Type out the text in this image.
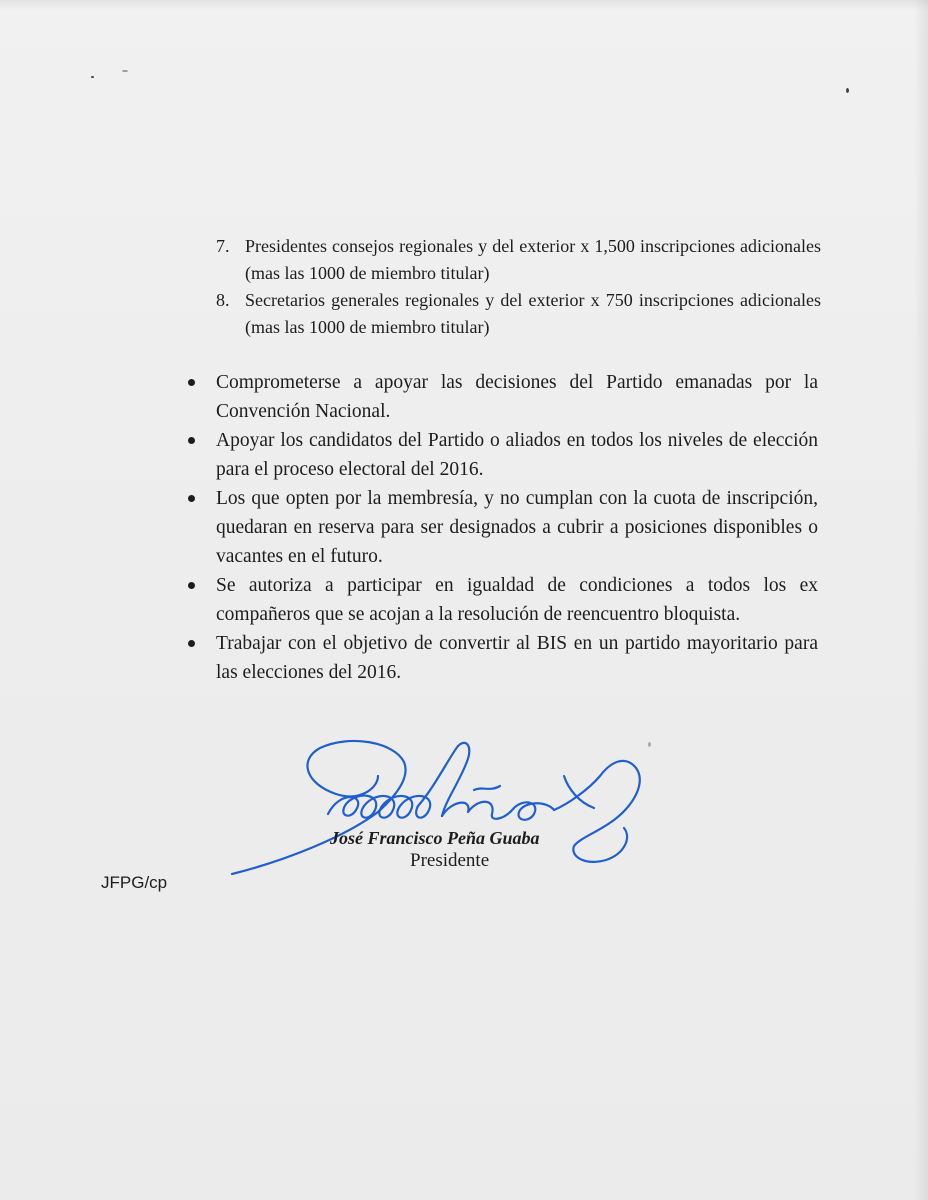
7. Presidentes consejos regionales y del exterior x 1,500 inscripciones adicionales (mas las 1000 de miembro titular)
8. Secretarios generales regionales y del exterior x 750 inscripciones adicionales (mas las 1000 de miembro titular)
Comprometerse a apoyar las decisiones del Partido emanadas por la Convención Nacional.
Apoyar los candidatos del Partido o aliados en todos los niveles de elección para el proceso electoral del 2016.
Los que opten por la membresía, y no cumplan con la cuota de inscripción, quedaran en reserva para ser designados a cubrir a posiciones disponibles o vacantes en el futuro.
Se autoriza a participar en igualdad de condiciones a todos los ex compañeros que se acojan a la resolución de reencuentro bloquista.
Trabajar con el objetivo de convertir al BIS en un partido mayoritario para las elecciones del 2016.
José Francisco Peña Guaba
Presidente
JFPG/cp
